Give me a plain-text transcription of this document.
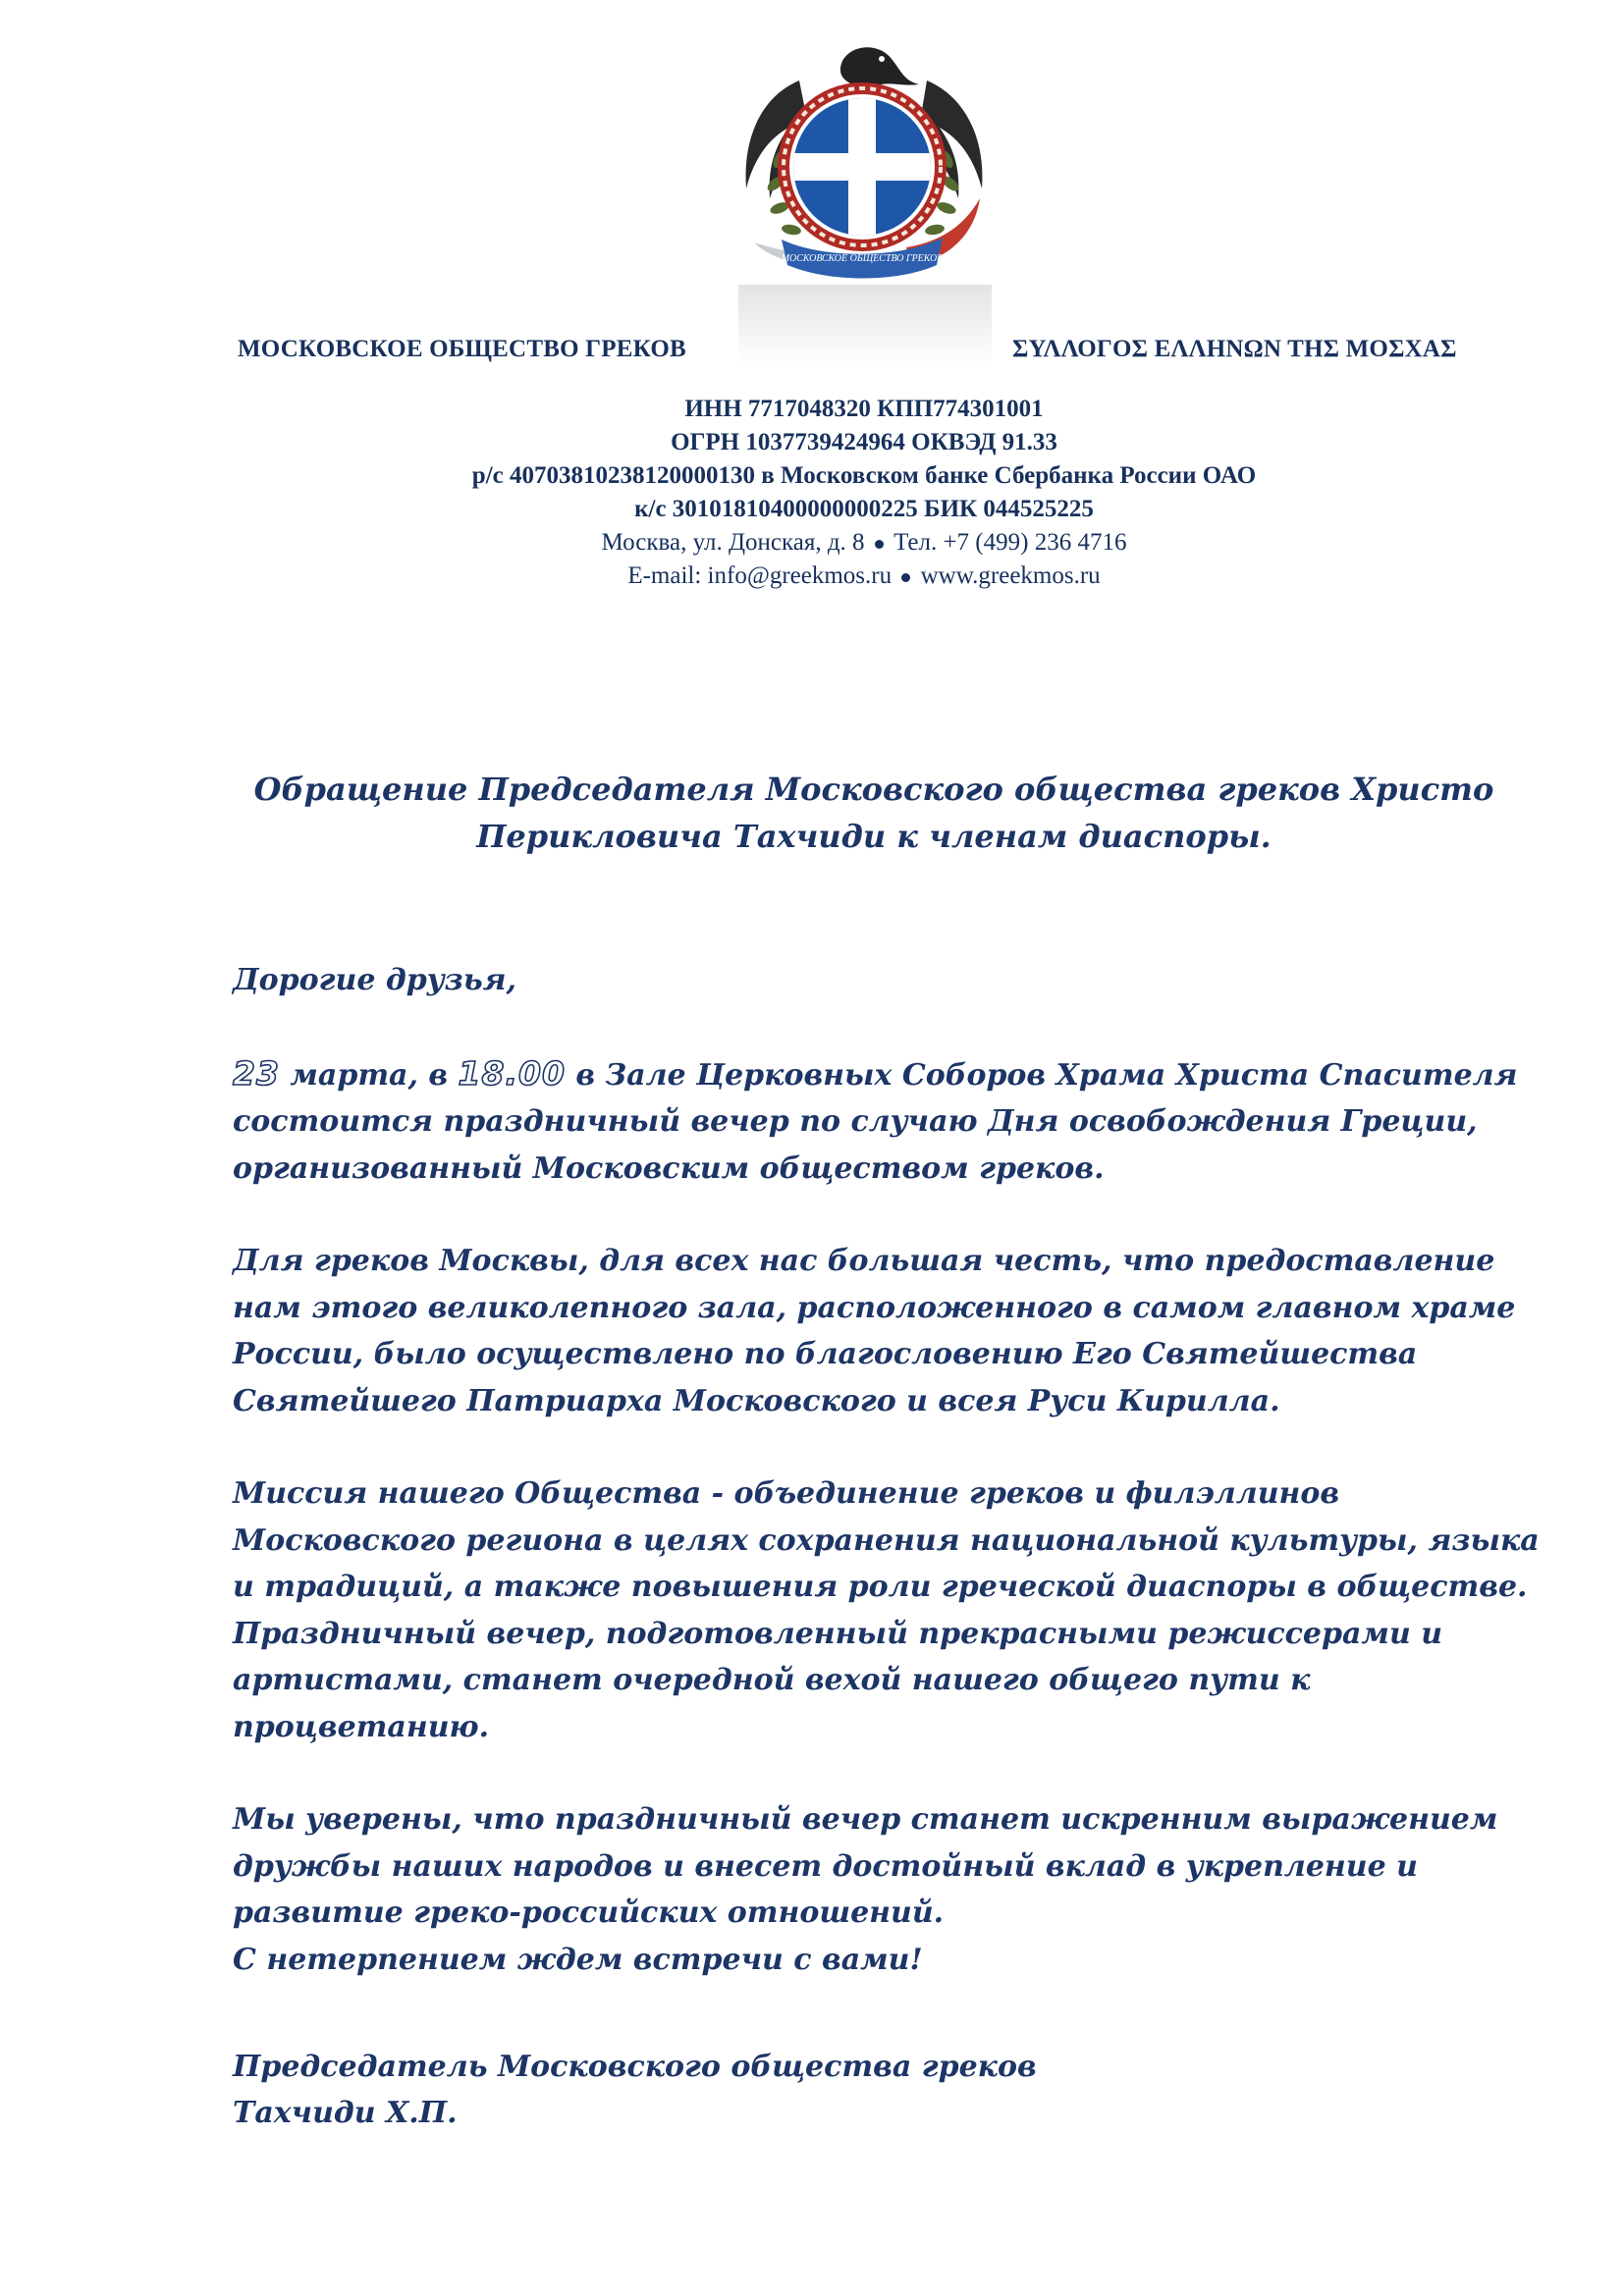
МОСКОВСКОЕ ОБЩЕСТВО ГРЕКОВ
МОСКОВСКОЕ ОБЩЕСТВО ГРЕКОВ	ΣΥΛΛΟΓΟΣ ΕΛΛΗΝΩΝ ΤΗΣ ΜΟΣΧΑΣ
ИНН 7717048320 КПП774301001
ОГРН 1037739424964 ОКВЭД 91.33
р/с 40703810238120000130 в Московском банке Сбербанка России ОАО
к/с 30101810400000000225 БИК 044525225
Москва, ул. Донская, д. 8 Тел. +7 (499) 236 4716
E-mail: info@greekmos.ru www.greekmos.ru
Обращение Председателя Московского общества греков Христо Перикловича Тахчиди к членам диаспоры.

Дорогие друзья,

23 марта, в 18.00 в Зале Церковных Соборов Храма Христа Спасителя состоится праздничный вечер по случаю Дня освобождения Греции, организованный Московским обществом греков.

Для греков Москвы, для всех нас большая честь, что предоставление нам этого великолепного зала, расположенного в самом главном храме России, было осуществлено по благословению Его Святейшества Святейшего Патриарха Московского и всея Руси Кирилла.

Миссия нашего Общества - объединение греков и филэллинов Московского региона в целях сохранения национальной культуры, языка и традиций, а также повышения роли греческой диаспоры в обществе. Праздничный вечер, подготовленный прекрасными режиссерами и артистами, станет очередной вехой нашего общего пути к процветанию.

Мы уверены, что праздничный вечер станет искренним выражением дружбы наших народов и внесет достойный вклад в укрепление и развитие греко-российских отношений.

С нетерпением ждем встречи с вами!

Председатель Московского общества греков
Тахчиди Х.П.
